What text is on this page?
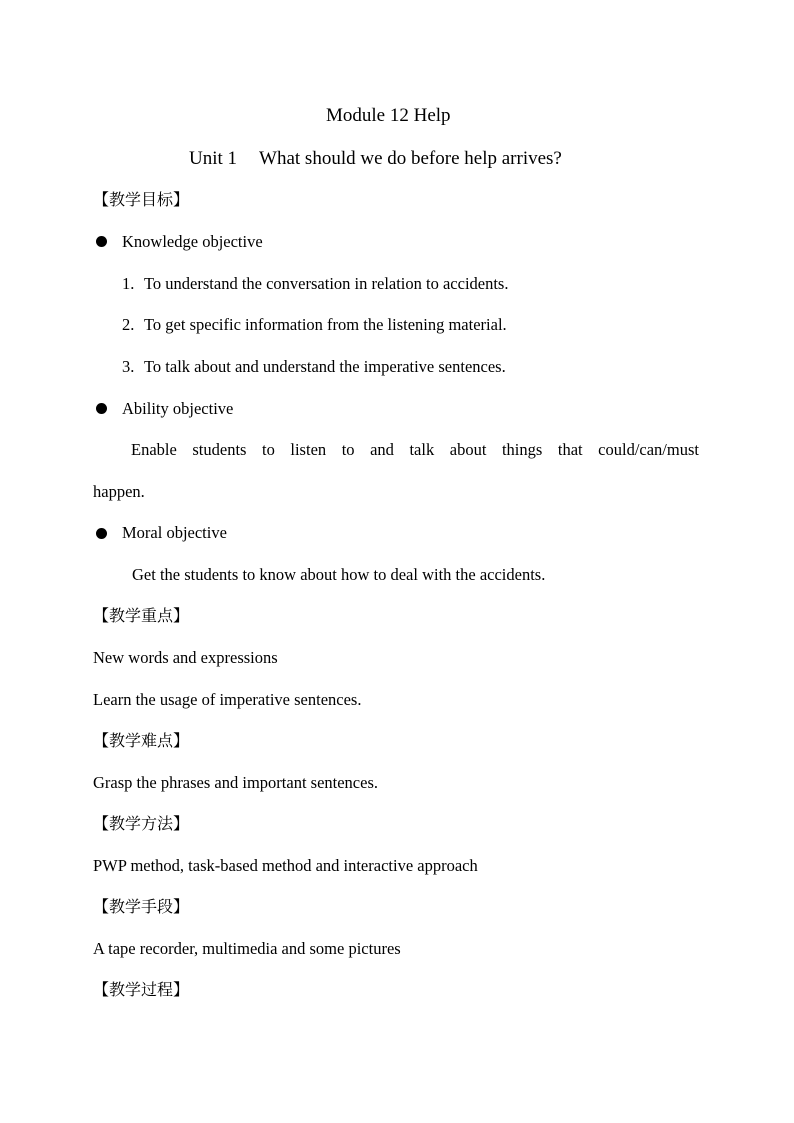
Module 12 Help
Unit 1 What should we do before help arrives?
【教学目标】
Knowledge objective
1. To understand the conversation in relation to accidents.
2. To get specific information from the listening material.
3. To talk about and understand the imperative sentences.
Ability objective
Enable students to listen to and talk about things that could/can/must
happen.
Moral objective
Get the students to know about how to deal with the accidents.
【教学重点】
New words and expressions
Learn the usage of imperative sentences.
【教学难点】
Grasp the phrases and important sentences.
【教学方法】
PWP method, task-based method and interactive approach
【教学手段】
A tape recorder, multimedia and some pictures
【教学过程】
